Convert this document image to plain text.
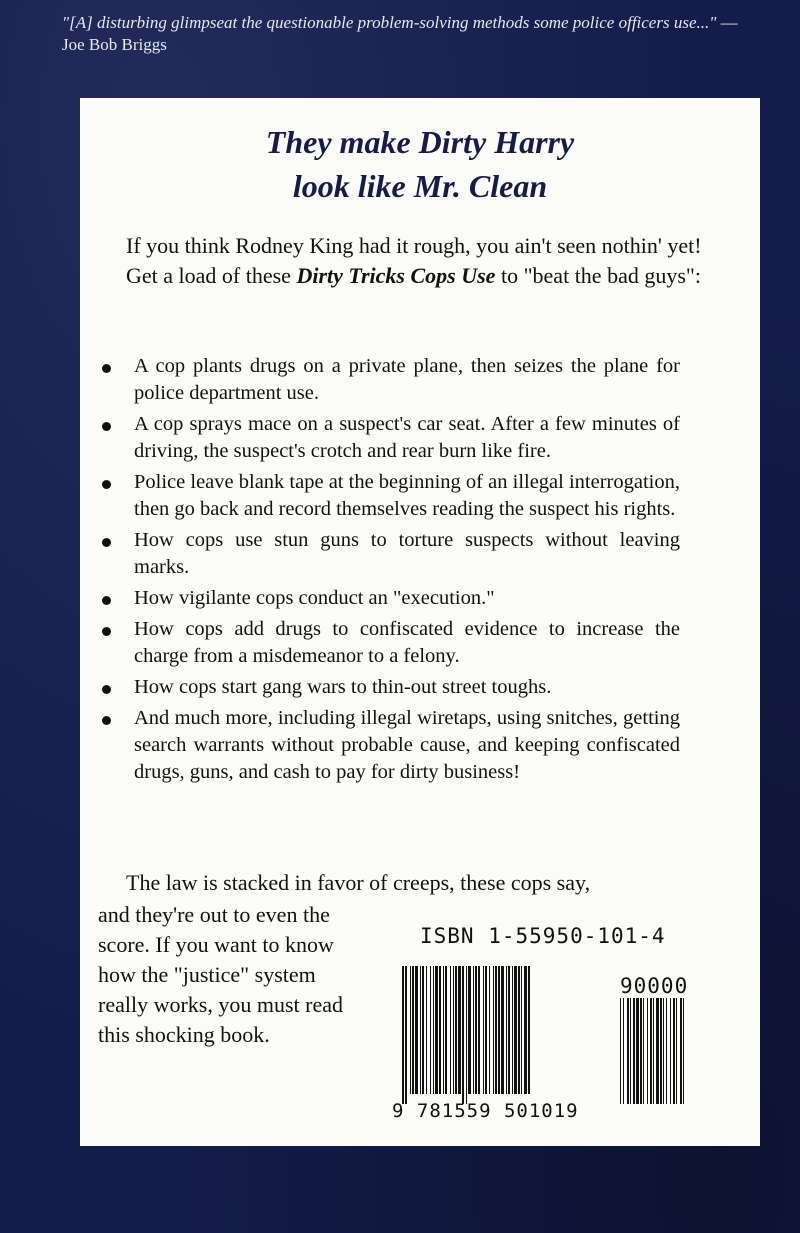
"[A] disturbing glimpseat the questionable problem-solving methods some police officers use..." — Joe Bob Briggs
They make Dirty Harry
look like Mr. Clean
If you think Rodney King had it rough, you ain't seen nothin' yet! Get a load of these Dirty Tricks Cops Use to "beat the bad guys":
A cop plants drugs on a private plane, then seizes the plane for police department use.
A cop sprays mace on a suspect's car seat. After a few minutes of driving, the suspect's crotch and rear burn like fire.
Police leave blank tape at the beginning of an illegal interrogation, then go back and record themselves reading the suspect his rights.
How cops use stun guns to torture suspects without leaving marks.
How vigilante cops conduct an "execution."
How cops add drugs to confiscated evidence to increase the charge from a misdemeanor to a felony.
How cops start gang wars to thin-out street toughs.
And much more, including illegal wiretaps, using snitches, getting search warrants without probable cause, and keeping confiscated drugs, guns, and cash to pay for dirty business!
The law is stacked in favor of creeps, these cops say,
and they're out to even the score. If you want to know how the "justice" system really works, you must read this shocking book.
ISBN 1-55950-101-4
90000
9 781559 501019
